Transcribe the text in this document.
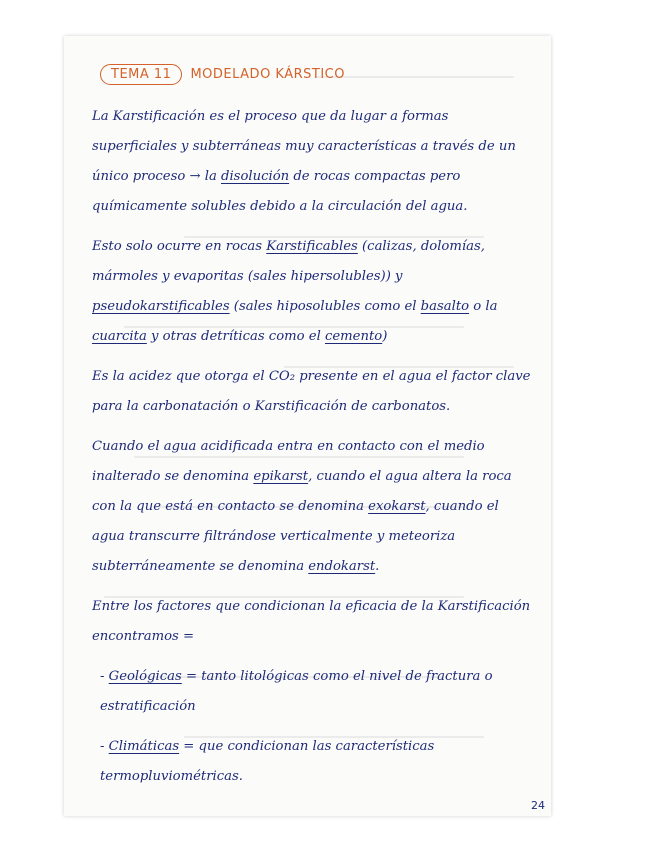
TEMA 11	MODELADO KÁRSTICO

La Karstificación es el proceso que da lugar a formas superficiales y subterráneas muy características a través de un único proceso → la disolución de rocas compactas pero químicamente solubles debido a la circulación del agua.

Esto solo ocurre en rocas Karstificables (calizas, dolomías, mármoles y evaporitas (sales hipersolubles)) y pseudokarstificables (sales hiposolubles como el basalto o la cuarcita y otras detríticas como el cemento)

Es la acidez que otorga el CO₂ presente en el agua el factor clave para la carbonatación o Karstificación de carbonatos.

Cuando el agua acidificada entra en contacto con el medio inalterado se denomina epikarst, cuando el agua altera la roca con la que está en contacto se denomina exokarst, cuando el agua transcurre filtrándose verticalmente y meteoriza subterráneamente se denomina endokarst.

Entre los factores que condicionan la eficacia de la Karstificación encontramos =

- Geológicas = tanto litológicas como el nivel de fractura o estratificación

- Climáticas = que condicionan las características termopluviométricas.

24
